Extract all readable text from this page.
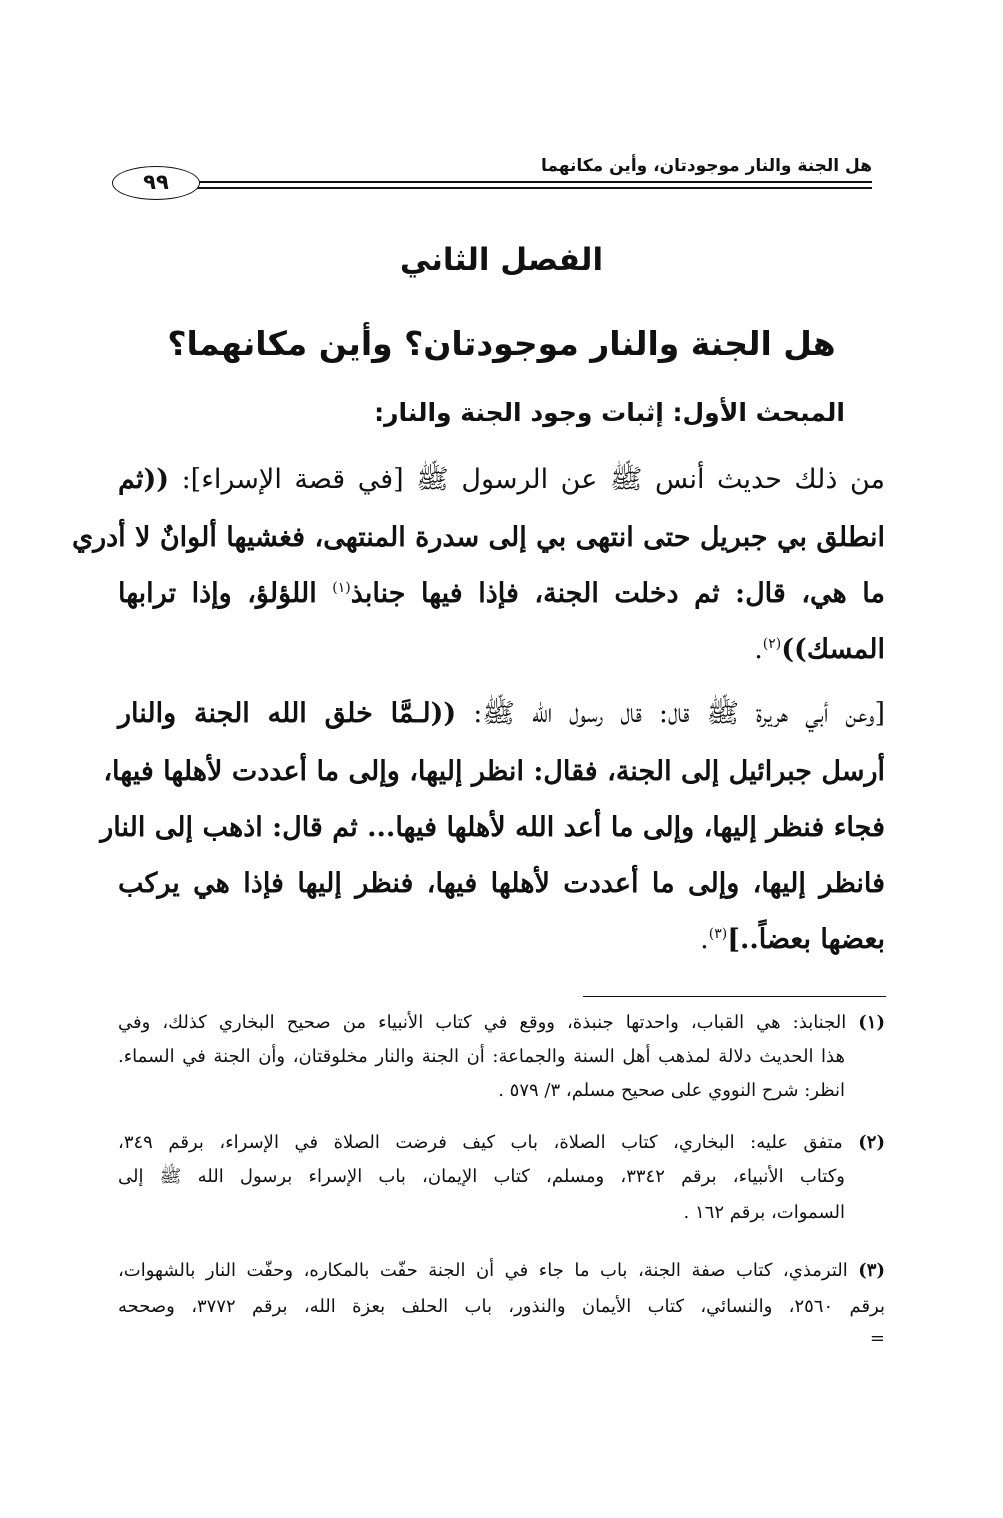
هل الجنة والنار موجودتان، وأين مكانهما
٩٩
الفصل الثاني
هل الجنة والنار موجودتان؟ وأين مكانهما؟
المبحث الأول: إثبات وجود الجنة والنار:
من ذلك حديث أنس ﷺ عن الرسول ﷺ [في قصة الإسراء]: ((ثم
انطلق بي جبريل حتى انتهى بي إلى سدرة المنتهى، فغشيها ألوانٌ لا أدري
ما هي، قال: ثم دخلت الجنة، فإذا فيها جنابذ$^{(١)}$ اللؤلؤ، وإذا ترابها
المسك))$^{(٢)}$.
[وعن أبي هريرة ﷺ قال: قال رسول الله ﷺ: ((لـمَّا خلق الله الجنة والنار
أرسل جبرائيل إلى الجنة، فقال: انظر إليها، وإلى ما أعددت لأهلها فيها،
فجاء فنظر إليها، وإلى ما أعد الله لأهلها فيها... ثم قال: اذهب إلى النار
فانظر إليها، وإلى ما أعددت لأهلها فيها، فنظر إليها فإذا هي يركب
بعضها بعضاً..]$^{(٣)}$.
(١) الجنابذ: هي القباب، واحدتها جنبذة، ووقع في كتاب الأنبياء من صحيح البخاري كذلك، وفي
هذا الحديث دلالة لمذهب أهل السنة والجماعة: أن الجنة والنار مخلوقتان، وأن الجنة في السماء.
انظر: شرح النووي على صحيح مسلم، ٣/ ٥٧٩ .
(٢) متفق عليه: البخاري، كتاب الصلاة، باب كيف فرضت الصلاة في الإسراء، برقم ٣٤٩،
وكتاب الأنبياء، برقم ٣٣٤٢، ومسلم، كتاب الإيمان، باب الإسراء برسول الله ﷺ إلى
السموات، برقم ١٦٢ .
(٣) الترمذي، كتاب صفة الجنة، باب ما جاء في أن الجنة حفّت بالمكاره، وحفّت النار بالشهوات،
برقم ٢٥٦٠، والنسائي، كتاب الأيمان والنذور، باب الحلف بعزة الله، برقم ٣٧٧٢، وصححه
=
